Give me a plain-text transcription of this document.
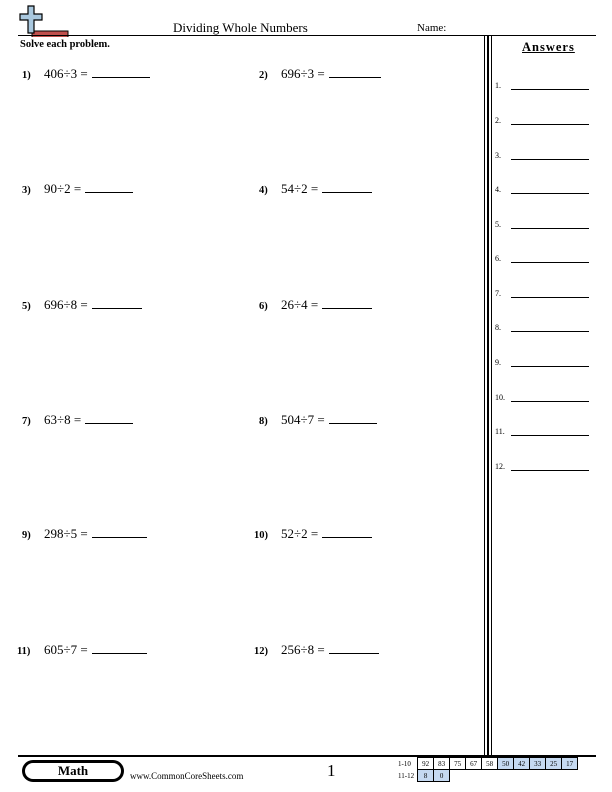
Dividing Whole Numbers	Name:
Solve each problem.
1)	406÷3 =	2)	696÷3 =
3)	90÷2 =	4)	54÷2 =
5)	696÷8 =	6)	26÷4 =
7)	63÷8 =	8)	504÷7 =
9)	298÷5 =	10)	52÷2 =
11)	605÷7 =	12)	256÷8 =
Answers
1.
2.
3.
4.
5.
6.
7.
8.
9.
10.
11.
12.
Math	www.CommonCoreSheets.com	1	1-10	92	83	75	67	58	50	42	33	25	17
11-12	8	0								
